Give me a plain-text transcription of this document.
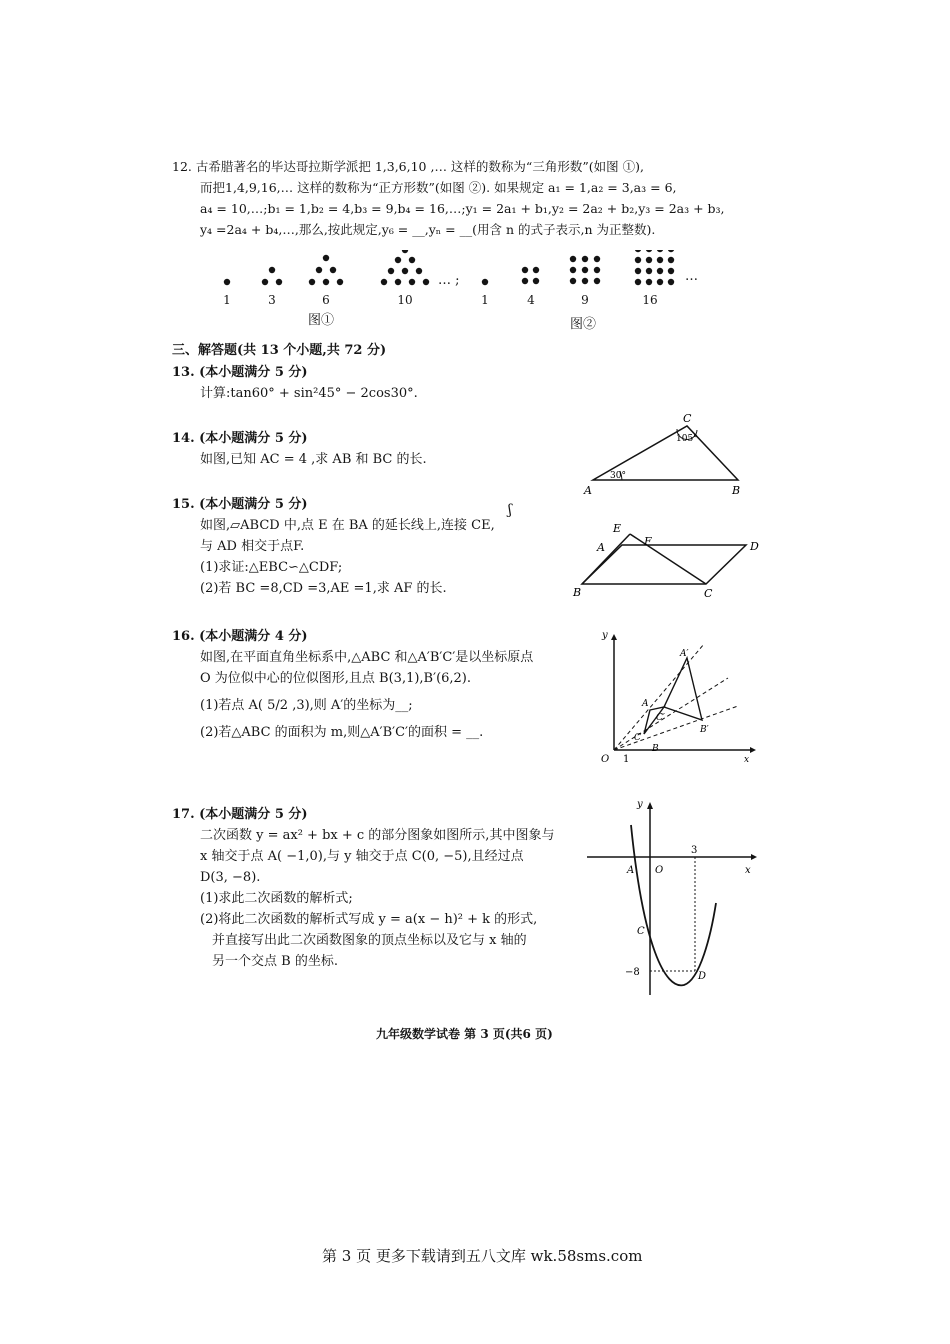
12. 古希腊著名的毕达哥拉斯学派把 1,3,6,10 ,… 这样的数称为“三角形数”(如图 ①),
而把1,4,9,16,… 这样的数称为“正方形数”(如图 ②). 如果规定 a₁ = 1,a₂ = 3,a₃ = 6,
a₄ = 10,…;b₁ = 1,b₂ = 4,b₃ = 9,b₄ = 16,…;y₁ = 2a₁ + b₁,y₂ = 2a₂ + b₂,y₃ = 2a₃ + b₃,
y₄ =2a₄ + b₄,…,那么,按此规定,y₆ = __,yₙ = __(用含 n 的式子表示,n 为正整数).
… ;	…
1	3	6	10	1	4	9	16
图①	图②
三、解答题(共 13 个小题,共 72 分)
13. (本小题满分 5 分)
计算:tan60° + sin²45° − 2cos30°.
14. (本小题满分 5 分)
如图,已知 AC = 4 ,求 AB 和 BC 的长.
30°
105°
A	B
C
15. (本小题满分 5 分)
如图,▱ABCD 中,点 E 在 BA 的延长线上,连接 CE,
与 AD 相交于点F.
(1)求证:△EBC∽△CDF;
(2)若 BC =8,CD =3,AE =1,求 AF 的长.
ʃ
E
A	F	D
B	C
16. (本小题满分 4 分)
如图,在平面直角坐标系中,△ABC 和△A′B′C′是以坐标原点
O 为位似中心的位似图形,且点 B(3,1),B′(6,2).
(1)若点 A( 5/2 ,3),则 A′的坐标为__;
(2)若△ABC 的面积为 m,则△A′B′C′的面积 = __.
y
x
O 1
A
B
C
A′
B′
C′
17. (本小题满分 5 分)
二次函数 y = ax² + bx + c 的部分图象如图所示,其中图象与
x 轴交于点 A( −1,0),与 y 轴交于点 C(0, −5),且经过点
D(3, −8).
(1)求此二次函数的解析式;
(2)将此二次函数的解析式写成 y = a(x − h)² + k 的形式,
并直接写出此二次函数图象的顶点坐标以及它与 x 轴的
另一个交点 B 的坐标.
y
x
A O
3
C
−8	D
九年级数学试卷 第 3 页(共6 页)
第 3 页 更多下载请到五八文库 wk.58sms.com
